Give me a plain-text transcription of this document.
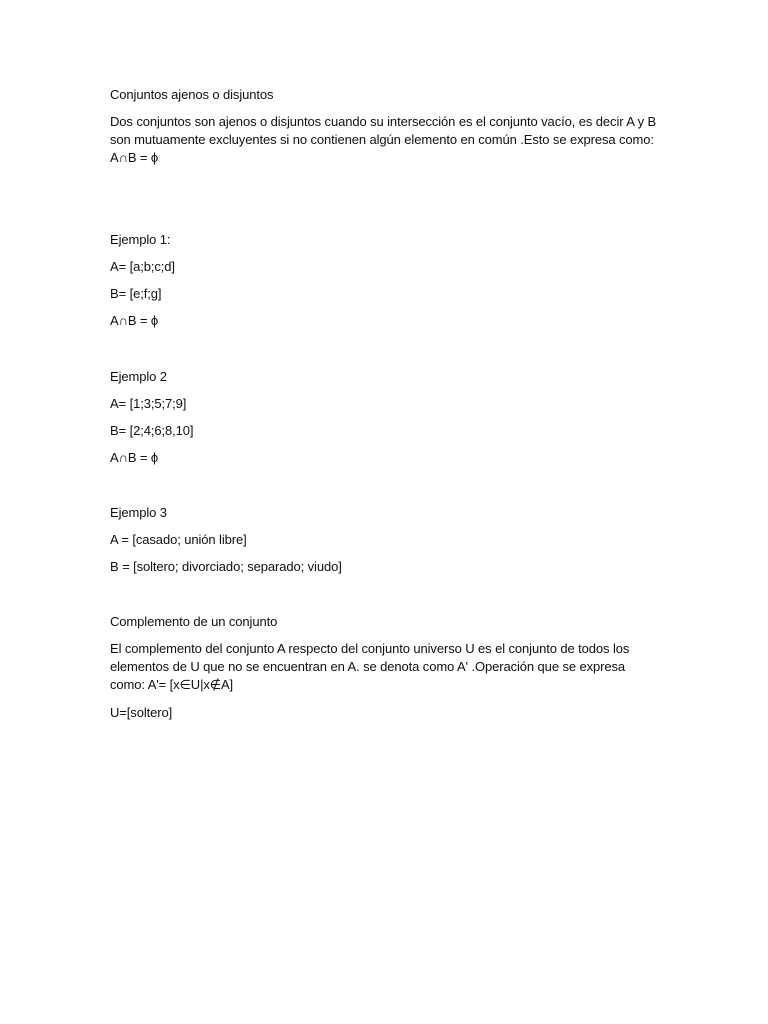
Conjuntos ajenos o disjuntos

Dos conjuntos son ajenos o disjuntos cuando su intersección es el conjunto vacío, es decir A y B son mutuamente excluyentes si no contienen algún elemento en común .Esto se expresa como: A∩B = ϕ

Ejemplo 1:

A= [a;b;c;d]

B= [e;f;g]

A∩B = ϕ

Ejemplo 2

A= [1;3;5;7;9]

B= [2;4;6;8,10]

A∩B = ϕ

Ejemplo 3

A = [casado; unión libre]

B = [soltero; divorciado; separado; viudo]

Complemento de un conjunto

El complemento del conjunto A respecto del conjunto universo U es el conjunto de todos los elementos de U que no se encuentran en A. se denota como A' .Operación que se expresa como: A'= [x∈U|x∉A]

U=[soltero]
